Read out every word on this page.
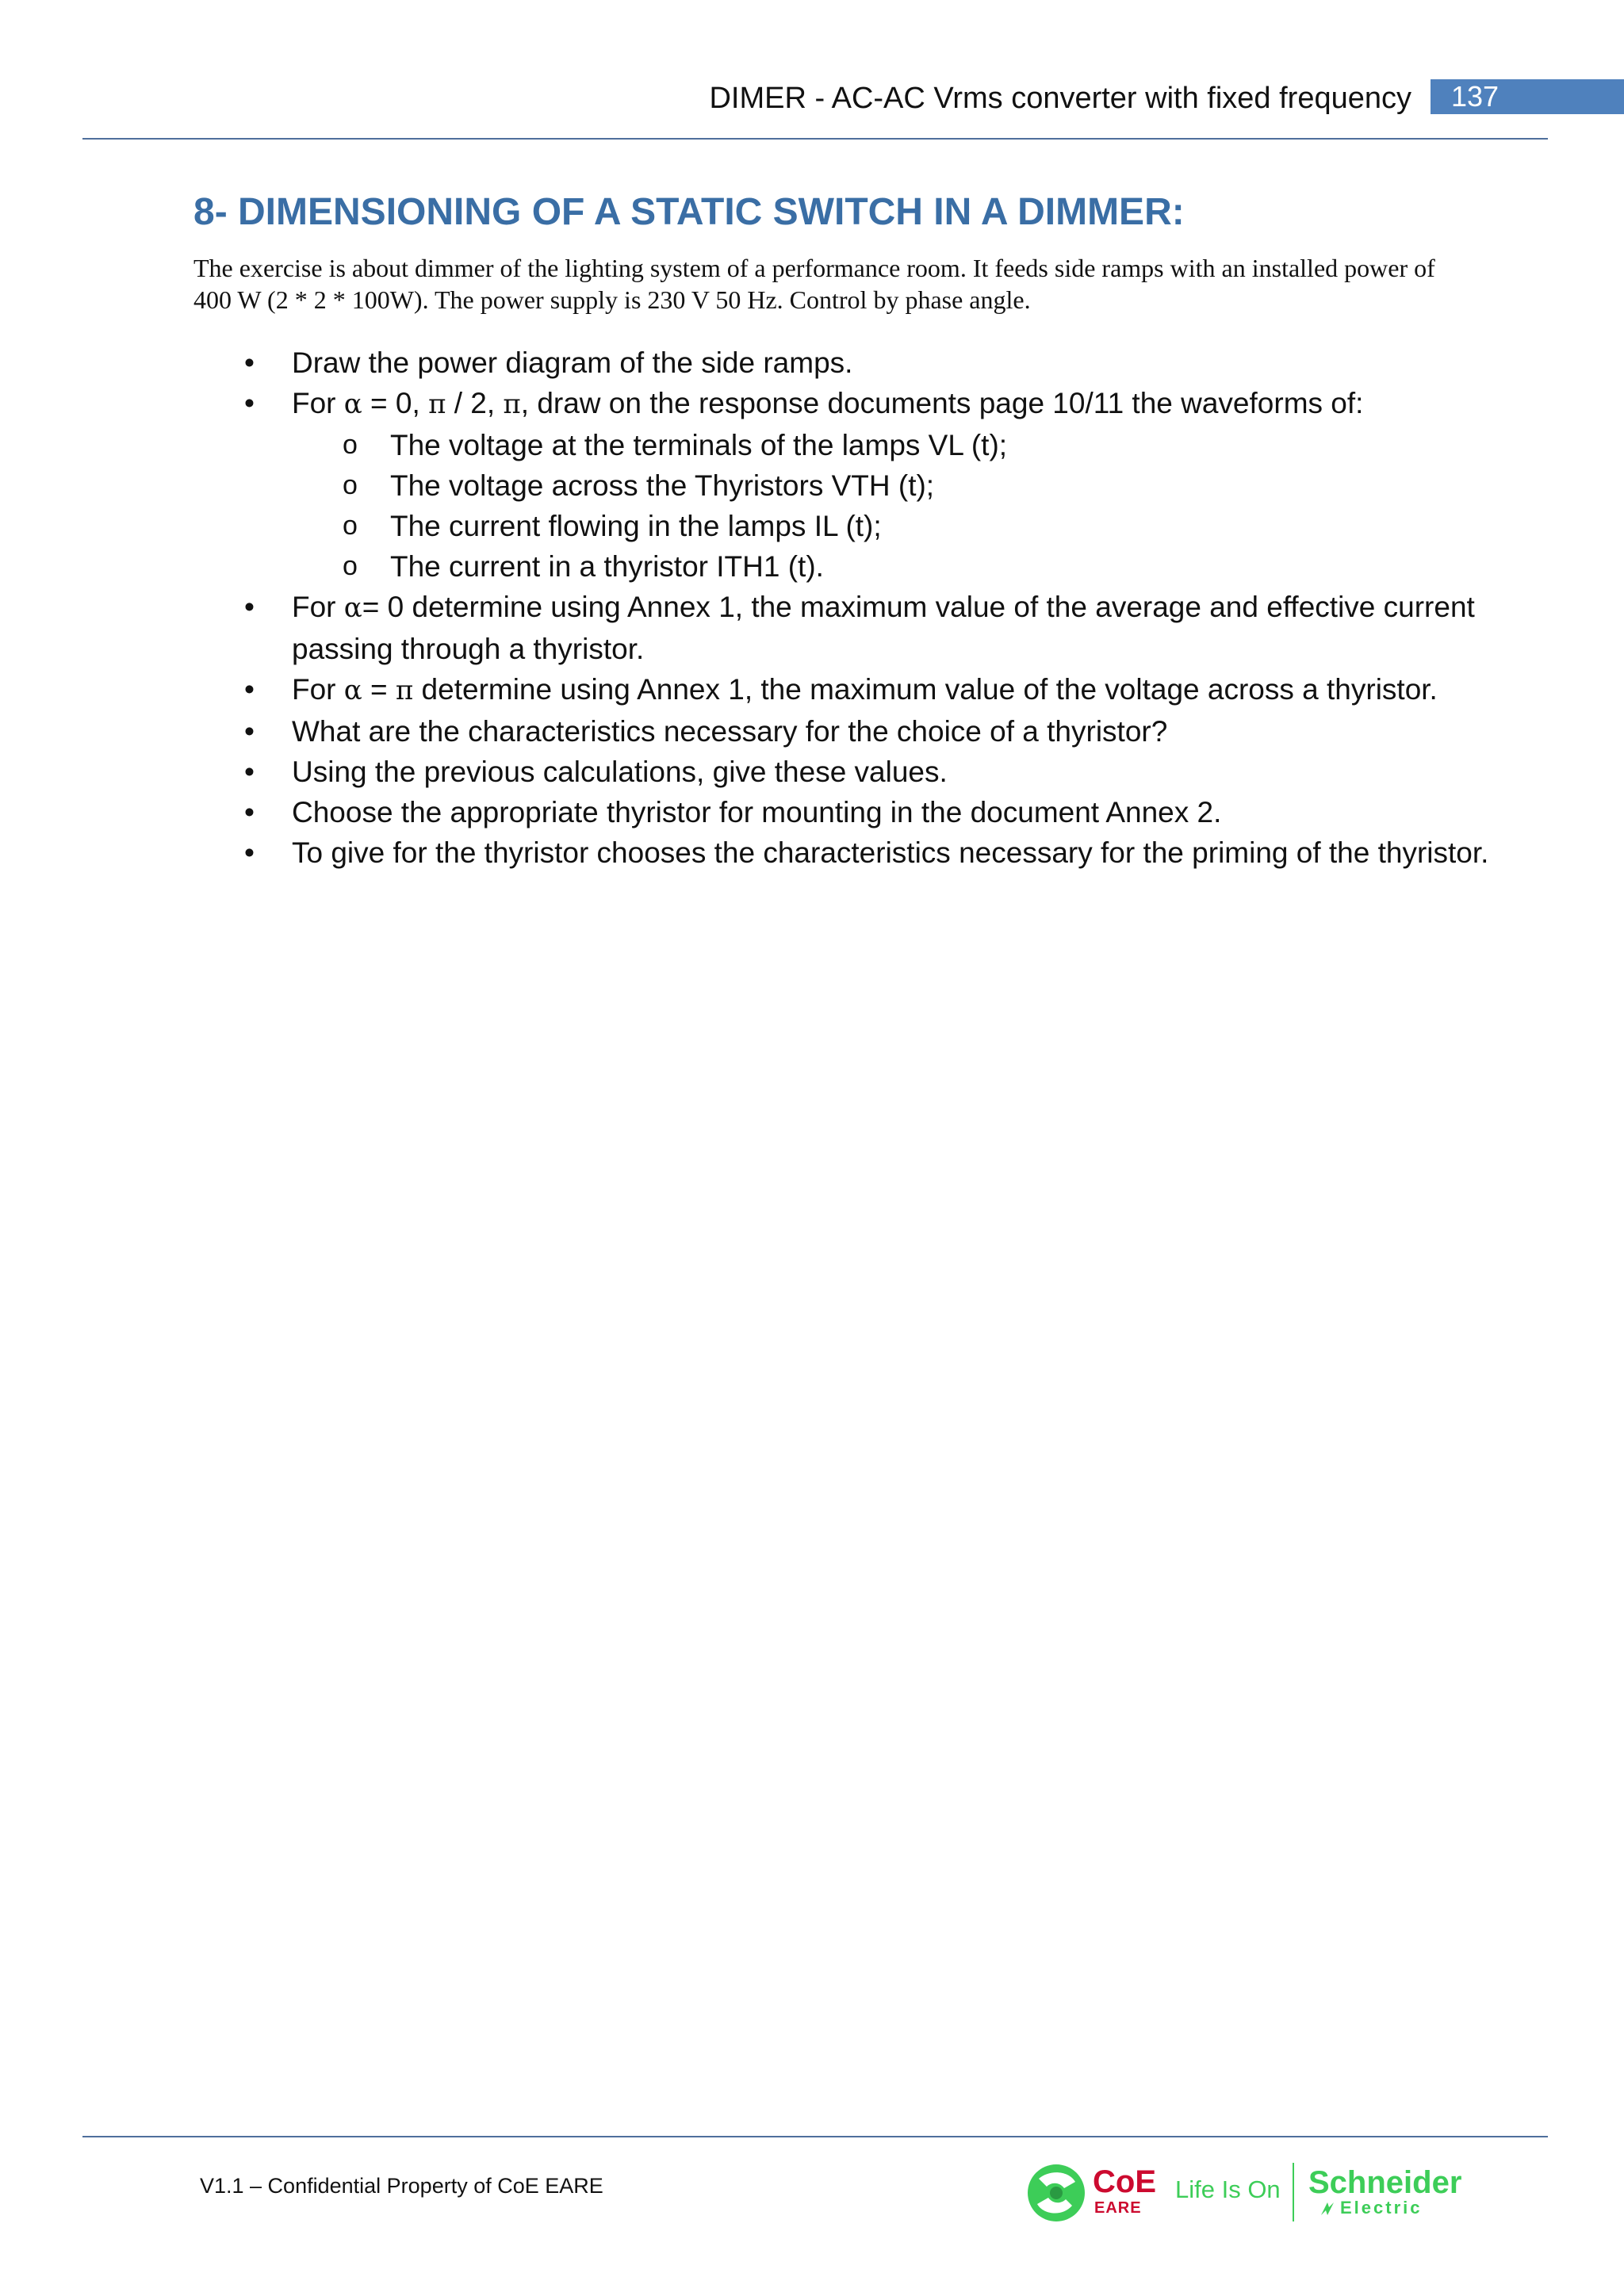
DIMER - AC-AC Vrms converter with fixed frequency	137
8- DIMENSIONING OF A STATIC SWITCH IN A DIMMER:

The exercise is about dimmer of the lighting system of a performance room. It feeds side ramps with an installed power of 400 W (2 * 2 * 100W). The power supply is 230 V 50 Hz. Control by phase angle.

• Draw the power diagram of the side ramps.
• For α = 0, π / 2, π, draw on the response documents page 10/11 the waveforms of:
o The voltage at the terminals of the lamps VL (t);
o The voltage across the Thyristors VTH (t);
o The current flowing in the lamps IL (t);
o The current in a thyristor ITH1 (t).
• For α= 0 determine using Annex 1, the maximum value of the average and effective current passing through a thyristor.
• For α = π determine using Annex 1, the maximum value of the voltage across a thyristor.
• What are the characteristics necessary for the choice of a thyristor?
• Using the previous calculations, give these values.
• Choose the appropriate thyristor for mounting in the document Annex 2.
• To give for the thyristor chooses the characteristics necessary for the priming of the thyristor.
V1.1 – Confidential Property of CoE EARE	CoE
EARE
Life Is On Schneider
Electric
